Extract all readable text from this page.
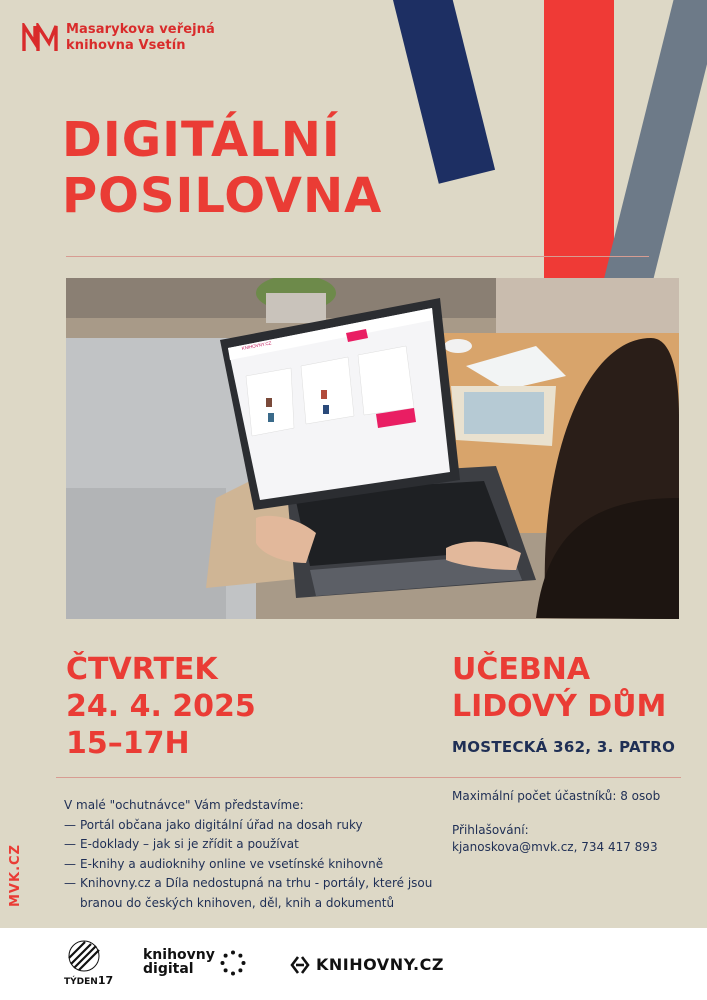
Masarykova veřejná
knihovna Vsetín
DIGITÁLNÍ
POSILOVNA
KNIHOVNY.CZ
ČTVRTEK
24. 4. 2025
15–17H
UČEBNA
LIDOVÝ DŮM
MOSTECKÁ 362, 3. PATRO
V malé "ochutnávce" Vám představíme:
— Portál občana jako digitální úřad na dosah ruky
— E-doklady – jak si je zřídit a používat
— E-knihy a audioknihy online ve vsetínské knihovně
— Knihovny.cz a Díla nedostupná na trhu - portály, které jsou branou do českých knihoven, děl, knih a dokumentů
Maximální počet účastníků: 8 osob
Přihlašování:
kjanoskova@mvk.cz, 734 417 893
MVK.CZ
TÝDEN17
knihovny
digital	KNIHOVNY.CZ
